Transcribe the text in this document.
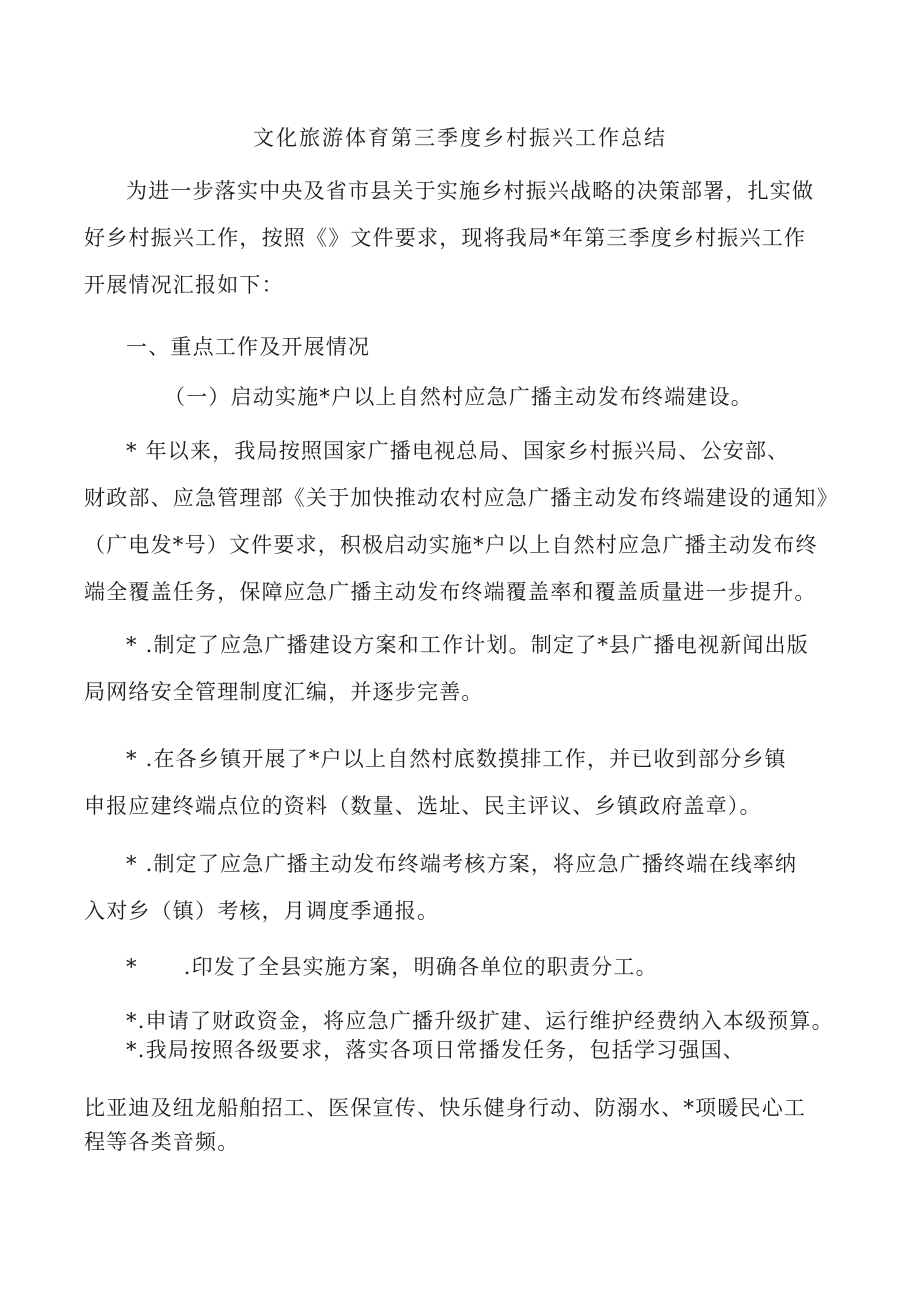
文化旅游体育第三季度乡村振兴工作总结
为进一步落实中央及省市县关于实施乡村振兴战略的决策部署，扎实做
好乡村振兴工作，按照《》文件要求，现将我局*年第三季度乡村振兴工作
开展情况汇报如下：
一、重点工作及开展情况
（一）启动实施*户以上自然村应急广播主动发布终端建设。
* 年以来，我局按照国家广播电视总局、国家乡村振兴局、公安部、
财政部、应急管理部《关于加快推动农村应急广播主动发布终端建设的通知》
（广电发*号）文件要求，积极启动实施*户以上自然村应急广播主动发布终
端全覆盖任务，保障应急广播主动发布终端覆盖率和覆盖质量进一步提升。
* .制定了应急广播建设方案和工作计划。制定了*县广播电视新闻出版
局网络安全管理制度汇编，并逐步完善。
* .在各乡镇开展了*户以上自然村底数摸排工作，并已收到部分乡镇
申报应建终端点位的资料（数量、选址、民主评议、乡镇政府盖章）。
* .制定了应急广播主动发布终端考核方案，将应急广播终端在线率纳
入对乡（镇）考核，月调度季通报。
* .印发了全县实施方案，明确各单位的职责分工。
*.申请了财政资金，将应急广播升级扩建、运行维护经费纳入本级预算。
*.我局按照各级要求，落实各项日常播发任务，包括学习强国、
比亚迪及纽龙船舶招工、医保宣传、快乐健身行动、防溺水、*项暖民心工
程等各类音频。
